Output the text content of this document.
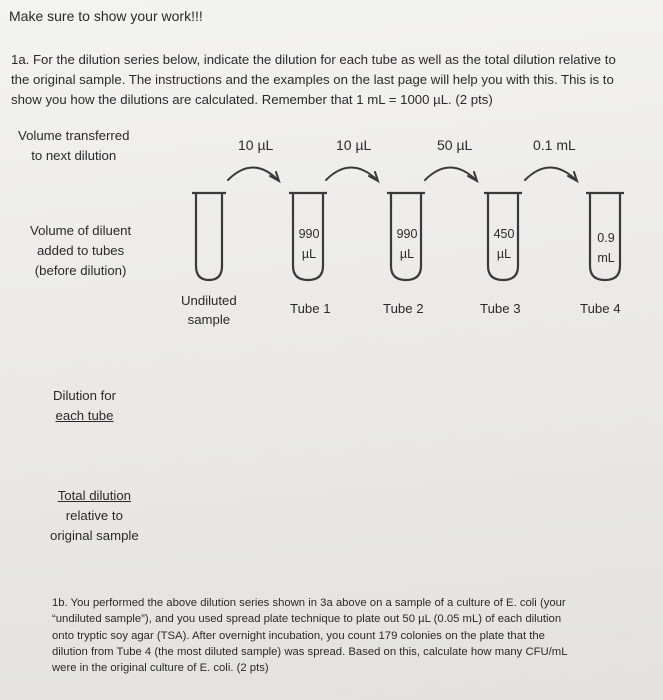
Make sure to show your work!!!
1a. For the dilution series below, indicate the dilution for each tube as well as the total dilution relative to
the original sample. The instructions and the examples on the last page will help you with this. This is to
show you how the dilutions are calculated. Remember that 1 mL = 1000 µL. (2 pts)
Volume transferred
to next dilution
Volume of diluent
added to tubes
(before dilution)
Dilution for
each tube
Total dilution
relative to
original sample
10 µL	10 µL	50 µL	0.1 mL
990
µL
990
µL
450
µL
0.9
mL
Undiluted
sample
Tube 1	Tube 2	Tube 3	Tube 4
1b. You performed the above dilution series shown in 3a above on a sample of a culture of E. coli (your
“undiluted sample”), and you used spread plate technique to plate out 50 µL (0.05 mL) of each dilution
onto tryptic soy agar (TSA). After overnight incubation, you count 179 colonies on the plate that the
dilution from Tube 4 (the most diluted sample) was spread. Based on this, calculate how many CFU/mL
were in the original culture of E. coli. (2 pts)
